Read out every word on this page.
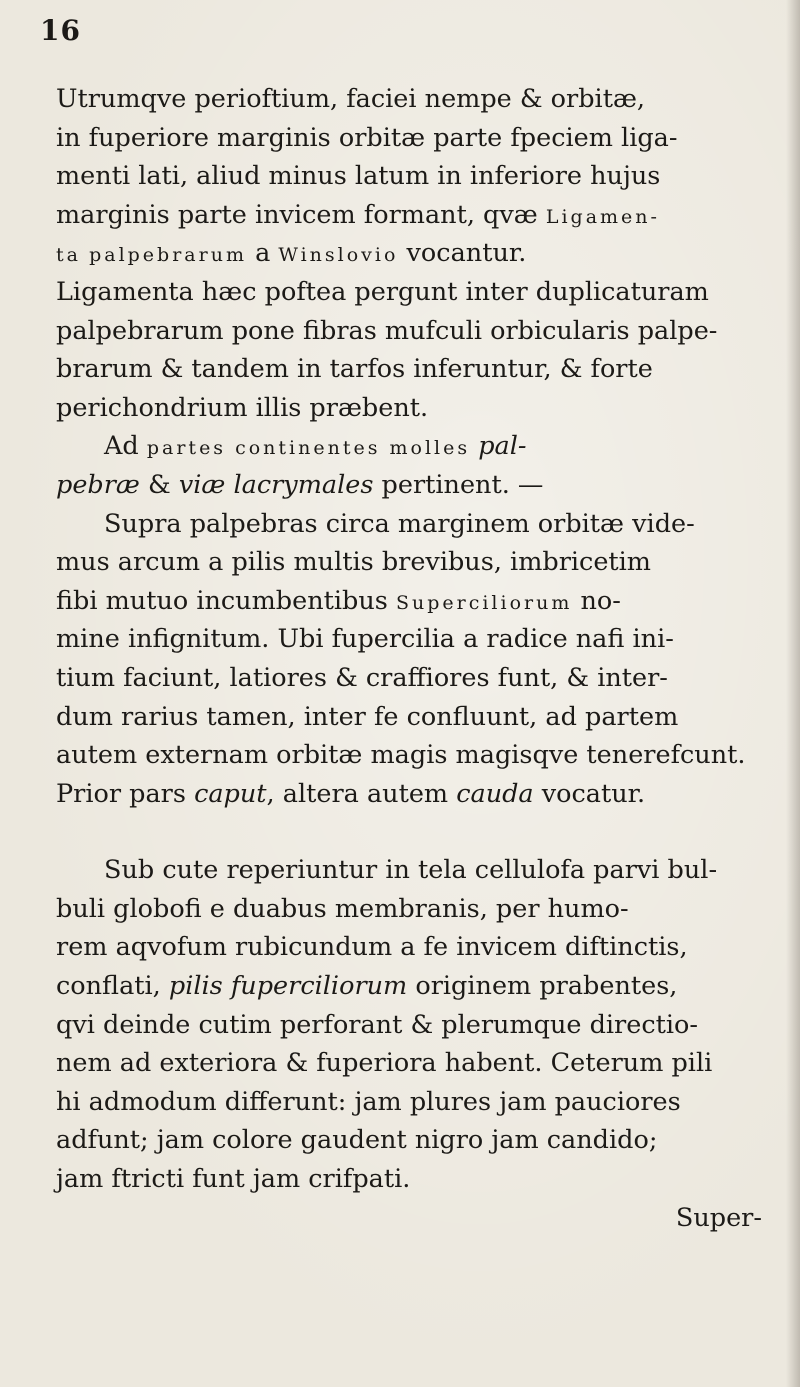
16
Utrumqve perioftium, faciei nempe & orbitæ,
in fuperiore marginis orbitæ parte fpeciem liga-
menti lati, aliud minus latum in inferiore hujus
marginis parte invicem formant, qvæ Ligamen-
ta palpebrarum a Winslovio vocantur.
Ligamenta hæc poftea pergunt inter duplicaturam
palpebrarum pone fibras mufculi orbicularis palpe-
brarum & tandem in tarfos inferuntur, & forte
perichondrium illis præbent.
Ad partes continentes molles pal-
pebræ & viæ lacrymales pertinent. —
Supra palpebras circa marginem orbitæ vide-
mus arcum a pilis multis brevibus, imbricetim
fibi mutuo incumbentibus Superciliorum no-
mine infignitum. Ubi fupercilia a radice nafi ini-
tium faciunt, latiores & craffiores funt, & inter-
dum rarius tamen, inter fe confluunt, ad partem
autem externam orbitæ magis magisqve tenerefcunt.
Prior pars caput, altera autem cauda vocatur.
Sub cute reperiuntur in tela cellulofa parvi bul-
buli globofi e duabus membranis, per humo-
rem aqvofum rubicundum a fe invicem diftinctis,
conflati, pilis fuperciliorum originem prabentes,
qvi deinde cutim perforant & plerumque directio-
nem ad exteriora & fuperiora habent. Ceterum pili
hi admodum differunt: jam plures jam pauciores
adfunt; jam colore gaudent nigro jam candido;
jam ftricti funt jam crifpati.
Super-
